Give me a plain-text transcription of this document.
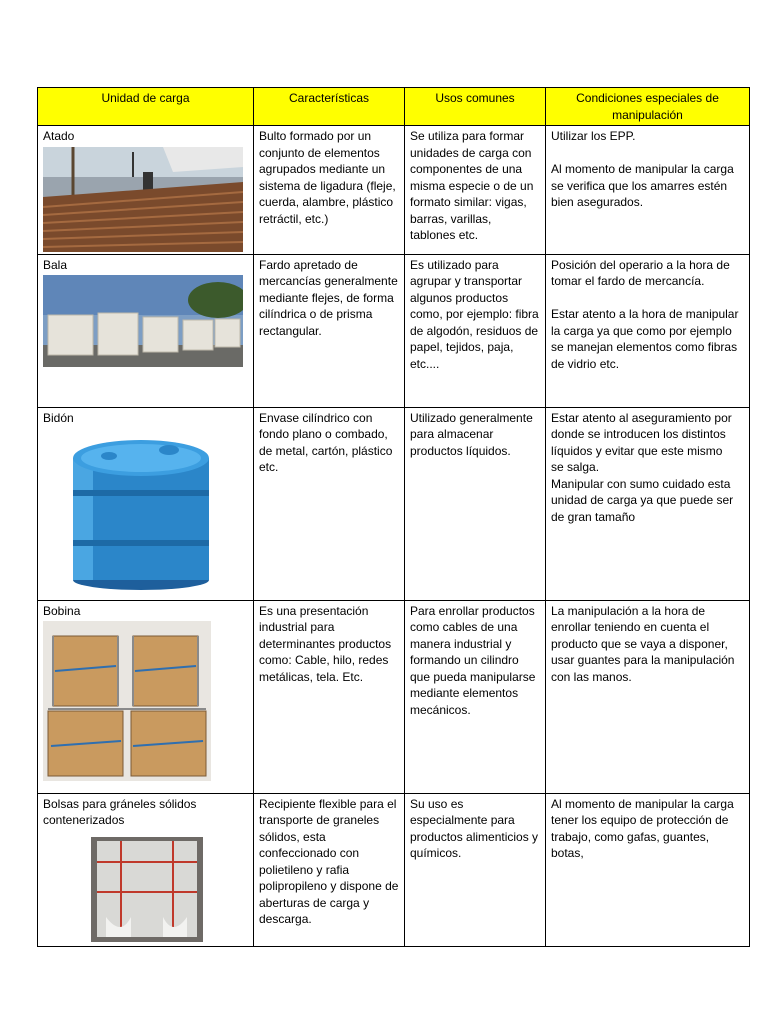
Unidad de carga	Características	Usos comunes	Condiciones especiales de manipulación

Atado	Bulto formado por un conjunto de elementos agrupados mediante un sistema de ligadura (fleje, cuerda, alambre, plástico retráctil, etc.)	Se utiliza para formar unidades de carga con componentes de una misma especie o de un formato similar: vigas, barras, varillas, tablones etc.	Utilizar los EPP.

Al momento de manipular la carga se verifica que los amarres estén bien asegurados.

Bala	Fardo apretado de mercancías generalmente mediante flejes, de forma cilíndrica o de prisma rectangular.	Es utilizado para agrupar y transportar algunos productos como, por ejemplo: fibra de algodón, residuos de papel, tejidos, paja, etc....	Posición del operario a la hora de tomar el fardo de mercancía.

Estar atento a la hora de manipular la carga ya que como por ejemplo se manejan elementos como fibras de vidrio etc.

Bidón	Envase cilíndrico con fondo plano o combado, de metal, cartón, plástico etc.	Utilizado generalmente para almacenar productos líquidos.	Estar atento al aseguramiento por donde se introducen los distintos líquidos y evitar que este mismo
se salga.
Manipular con sumo cuidado esta unidad de carga ya que puede ser de gran tamaño

Bobina	Es una presentación industrial para determinantes productos como: Cable, hilo, redes metálicas, tela. Etc.	Para enrollar productos como cables de una manera industrial y formando un cilindro que pueda manipularse mediante elementos mecánicos.	La manipulación a la hora de enrollar teniendo en cuenta el producto que se vaya a disponer, usar guantes para la manipulación con las manos.

Bolsas para gráneles sólidos contenerizados	Recipiente flexible para el transporte de graneles sólidos, esta confeccionado con polietileno y rafia polipropileno y dispone de aberturas de carga y descarga.	Su uso es especialmente para productos alimenticios y químicos.	Al momento de manipular la carga tener los equipo de protección de trabajo, como gafas, guantes, botas,
